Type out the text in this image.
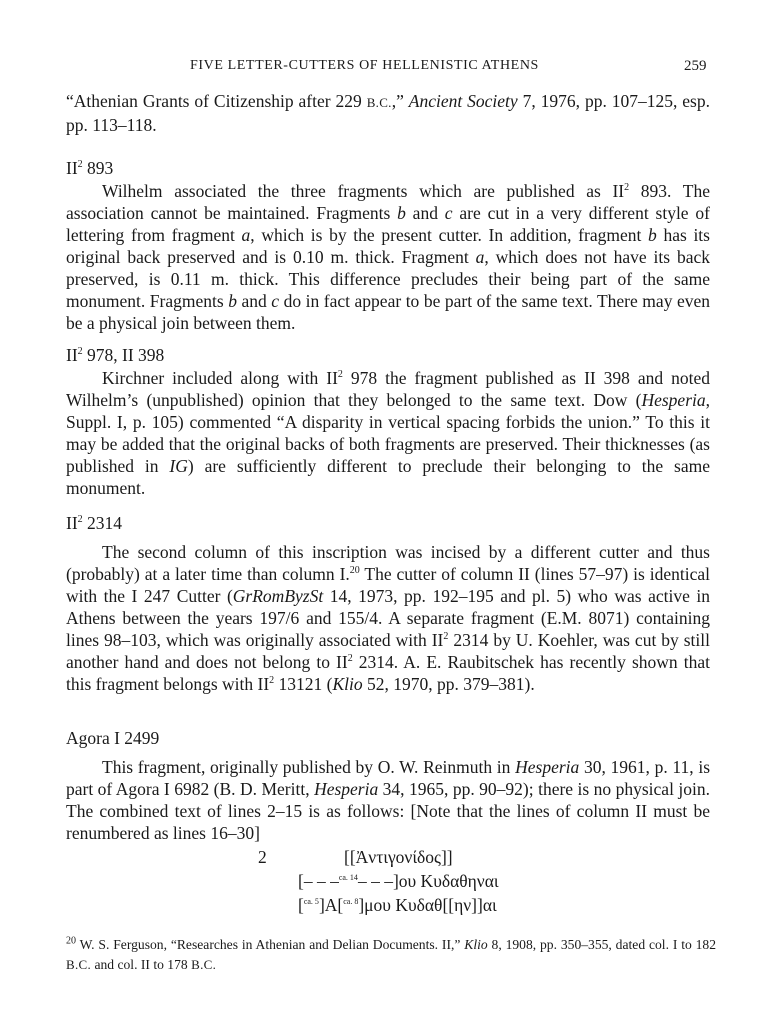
FIVE LETTER-CUTTERS OF HELLENISTIC ATHENS	259
“Athenian Grants of Citizenship after 229 B.C.,” Ancient Society 7, 1976, pp. 107–125, esp. pp. 113–118.
$II^2$ 893
Wilhelm associated the three fragments which are published as $II^2$ 893. The association cannot be maintained. Fragments b and c are cut in a very different style of lettering from fragment a, which is by the present cutter. In addition, fragment b has its original back preserved and is 0.10 m. thick. Fragment a, which does not have its back preserved, is 0.11 m. thick. This difference precludes their being part of the same monument. Fragments b and c do in fact appear to be part of the same text. There may even be a physical join between them.
$II^2$ 978, II 398
Kirchner included along with $II^2$ 978 the fragment published as II 398 and noted Wilhelm’s (unpublished) opinion that they belonged to the same text. Dow (Hesperia, Suppl. I, p. 105) commented “A disparity in vertical spacing forbids the union.” To this it may be added that the original backs of both fragments are preserved. Their thicknesses (as published in IG) are sufficiently different to preclude their belonging to the same monument.
$II^2$ 2314
The second column of this inscription was incised by a different cutter and thus (probably) at a later time than column I.$^{20}$ The cutter of column II (lines 57–97) is identical with the I 247 Cutter (GrRomByzSt 14, 1973, pp. 192–195 and pl. 5) who was active in Athens between the years 197/6 and 155/4. A separate fragment (E.M. 8071) containing lines 98–103, which was originally associated with $II^2$ 2314 by U. Koehler, was cut by still another hand and does not belong to $II^2$ 2314. A. E. Raubitschek has recently shown that this fragment belongs with $II^2$ 13121 (Klio 52, 1970, pp. 379–381).
Agora I 2499
This fragment, originally published by O. W. Reinmuth in Hesperia 30, 1961, p. 11, is part of Agora I 6982 (B. D. Meritt, Hesperia 34, 1965, pp. 90–92); there is no physical join. The combined text of lines 2–15 is as follows: [Note that the lines of column II must be renumbered as lines 16–30]
2	[[Ἀντιγονίδος]]
[– – –$^{ca. 14}$– – –]ου Κυδαθηναι
[$^{ca. 5}$]Α[$^{ca. 8}$]μου Κυδαθ[[ην]]αι
$^{20}$ W. S. Ferguson, “Researches in Athenian and Delian Documents. II,” Klio 8, 1908, pp. 350–355, dated col. I to 182 B.C. and col. II to 178 B.C.
